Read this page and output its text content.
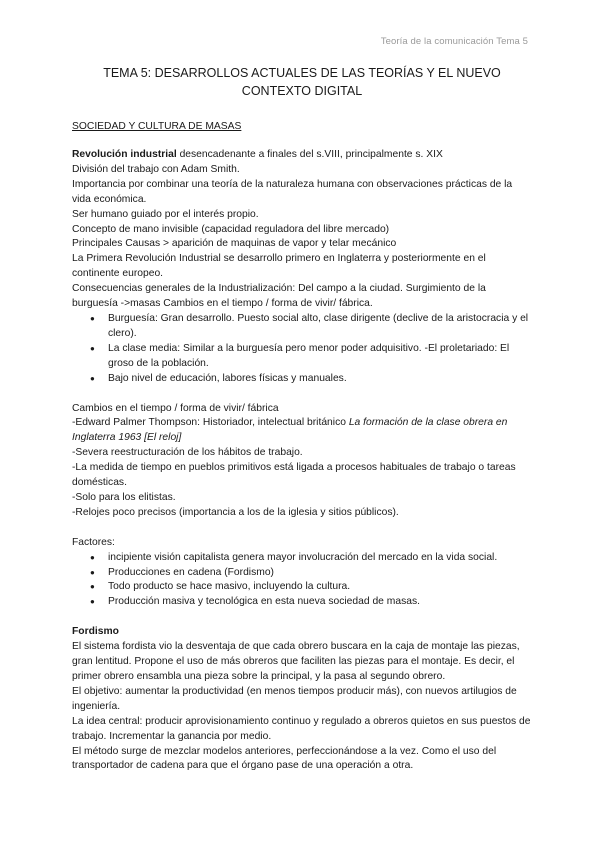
Teoría de la comunicación Tema 5
TEMA 5: DESARROLLOS ACTUALES DE LAS TEORÍAS Y EL NUEVO
CONTEXTO DIGITAL
SOCIEDAD Y CULTURA DE MASAS

Revolución industrial desencadenante a finales del s.VIII, principalmente s. XIX

División del trabajo con Adam Smith.

Importancia por combinar una teoría de la naturaleza humana con observaciones prácticas de la vida económica.

Ser humano guiado por el interés propio.

Concepto de mano invisible (capacidad reguladora del libre mercado)

Principales Causas > aparición de maquinas de vapor y telar mecánico

La Primera Revolución Industrial se desarrollo primero en Inglaterra y posteriormente en el continente europeo.

Consecuencias generales de la Industrialización: Del campo a la ciudad. Surgimiento de la burguesía ->masas Cambios en el tiempo / forma de vivir/ fábrica.

● Burguesía: Gran desarrollo. Puesto social alto, clase dirigente (declive de la aristocracia y el clero).
● La clase media: Similar a la burguesía pero menor poder adquisitivo. -El proletariado: El groso de la población.
● Bajo nivel de educación, labores físicas y manuales.

Cambios en el tiempo / forma de vivir/ fábrica

-Edward Palmer Thompson: Historiador, intelectual británico La formación de la clase obrera en Inglaterra 1963 [El reloj]

-Severa reestructuración de los hábitos de trabajo.

-La medida de tiempo en pueblos primitivos está ligada a procesos habituales de trabajo o tareas domésticas.

-Solo para los elitistas.

-Relojes poco precisos (importancia a los de la iglesia y sitios públicos).

Factores:

● incipiente visión capitalista genera mayor involucración del mercado en la vida social.
● Producciones en cadena (Fordismo)
● Todo producto se hace masivo, incluyendo la cultura.
● Producción masiva y tecnológica en esta nueva sociedad de masas.

Fordismo

El sistema fordista vio la desventaja de que cada obrero buscara en la caja de montaje las piezas, gran lentitud. Propone el uso de más obreros que faciliten las piezas para el montaje. Es decir, el primer obrero ensambla una pieza sobre la principal, y la pasa al segundo obrero.

El objetivo: aumentar la productividad (en menos tiempos producir más), con nuevos artilugios de ingeniería.

La idea central: producir aprovisionamiento continuo y regulado a obreros quietos en sus puestos de trabajo. Incrementar la ganancia por medio.

El método surge de mezclar modelos anteriores, perfeccionándose a la vez. Como el uso del transportador de cadena para que el órgano pase de una operación a otra.
